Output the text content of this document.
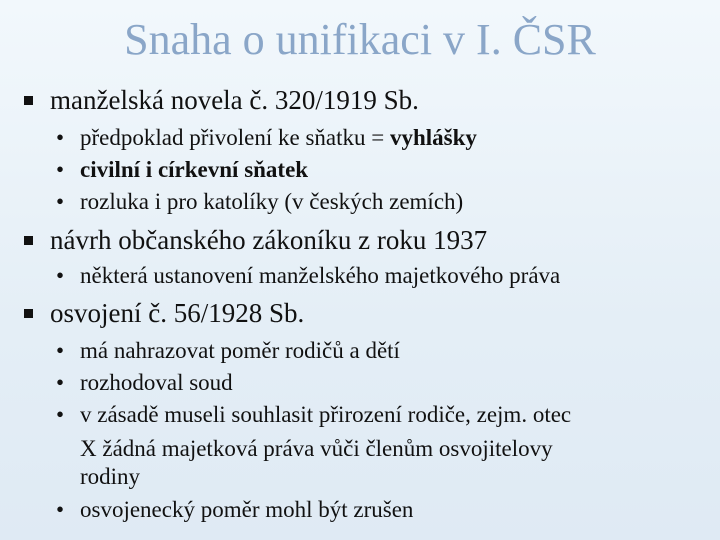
Snaha o unifikaci v I. ČSR
manželská novela č. 320/1919 Sb.
• předpoklad přivolení ke sňatku = vyhlášky
• civilní i církevní sňatek
• rozluka i pro katolíky (v českých zemích)
návrh občanského zákoníku z roku 1937
• některá ustanovení manželského majetkového práva
osvojení č. 56/1928 Sb.
• má nahrazovat poměr rodičů a dětí
• rozhodoval soud
• v zásadě museli souhlasit přirození rodiče, zejm. otec
X žádná majetková práva vůči členům osvojitelovy
rodiny
• osvojenecký poměr mohl být zrušen
